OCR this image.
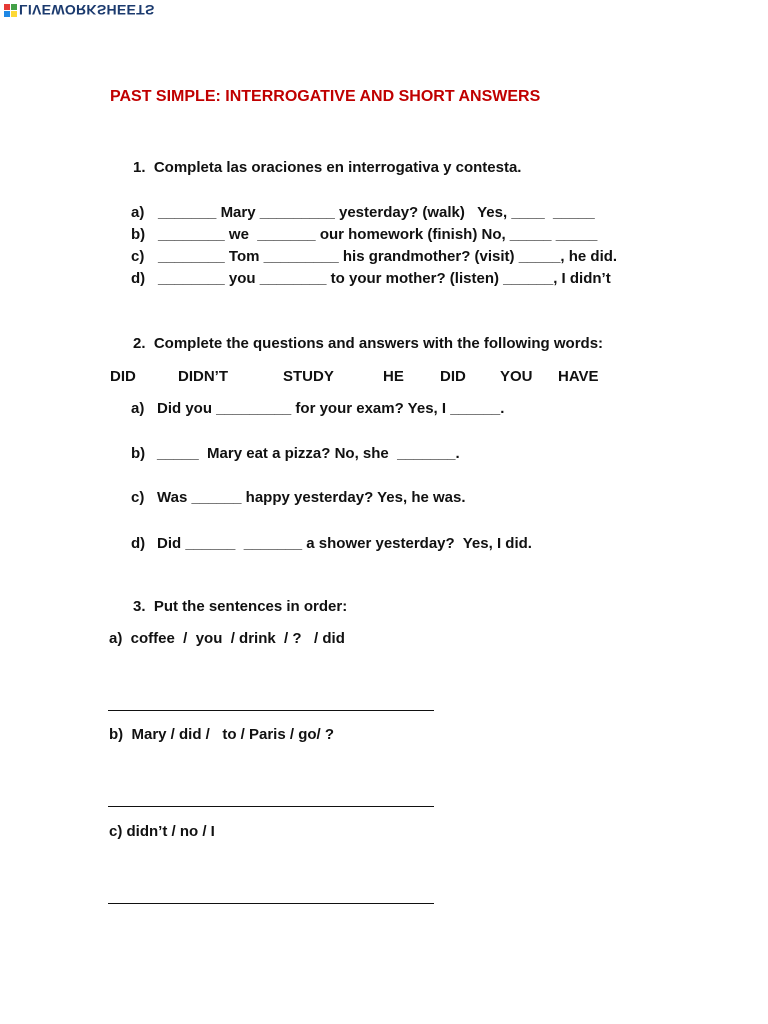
LIVEWORKSHEETS
PAST SIMPLE: INTERROGATIVE AND SHORT ANSWERS
1.  Completa las oraciones en interrogativa y contesta.
a) _______ Mary _________ yesterday? (walk)   Yes, ____  _____
b) ________ we  _______ our homework (finish) No, _____ _____
c) ________ Tom _________ his grandmother? (visit) _____, he did.
d) ________ you ________ to your mother? (listen) ______, I didn’t
2.  Complete the questions and answers with the following words:

DID

	DIDN’T

	STUDY

	HE

DID

YOU

HAVE

a) Did you _________ for your exam? Yes, I ______.
b) _____  Mary eat a pizza? No, she  _______.
c) Was ______ happy yesterday? Yes, he was.
d) Did ______  _______ a shower yesterday?  Yes, I did.
3.  Put the sentences in order:
a)  coffee  /  you  / drink  / ?   / did
b)  Mary / did /   to / Paris / go/ ?
c) didn’t / no / I
